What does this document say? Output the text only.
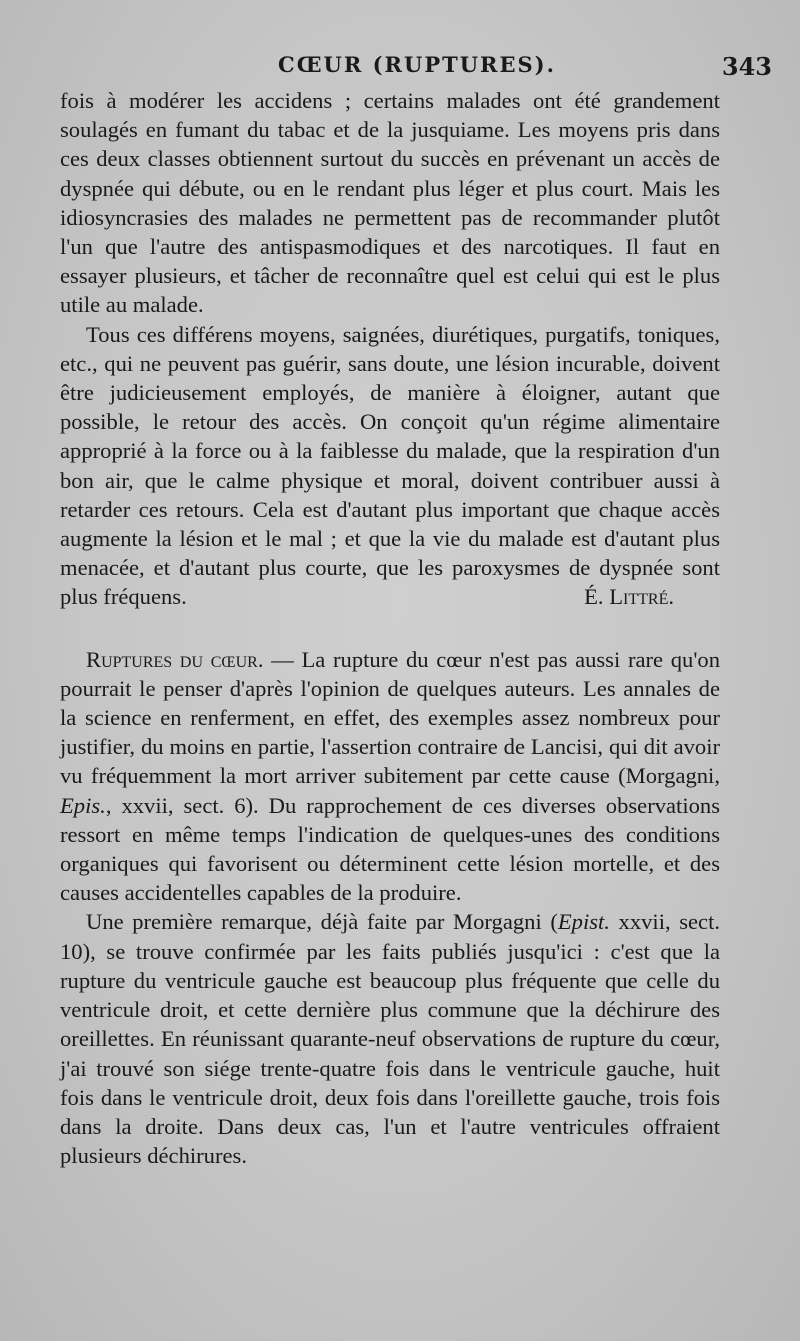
CŒUR (RUPTURES).	343

fois à modérer les accidens ; certains malades ont été grandement soulagés en fumant du tabac et de la jusquiame. Les moyens pris dans ces deux classes obtiennent surtout du succès en prévenant un accès de dyspnée qui débute, ou en le rendant plus léger et plus court. Mais les idiosyncrasies des malades ne permettent pas de recommander plutôt l'un que l'autre des antispasmodiques et des narcotiques. Il faut en essayer plusieurs, et tâcher de reconnaître quel est celui qui est le plus utile au malade.

Tous ces différens moyens, saignées, diurétiques, purgatifs, toniques, etc., qui ne peuvent pas guérir, sans doute, une lésion incurable, doivent être judicieusement employés, de manière à éloigner, autant que possible, le retour des accès. On conçoit qu'un régime alimentaire approprié à la force ou à la faiblesse du malade, que la respiration d'un bon air, que le calme physique et moral, doivent contribuer aussi à retarder ces retours. Cela est d'autant plus important que chaque accès augmente la lésion et le mal ; et que la vie du malade est d'autant plus menacée, et d'autant plus courte, que les paroxysmes de dyspnée sont plus fréquens.	É. Littré.

Ruptures du cœur. — La rupture du cœur n'est pas aussi rare qu'on pourrait le penser d'après l'opinion de quelques auteurs. Les annales de la science en renferment, en effet, des exemples assez nombreux pour justifier, du moins en partie, l'assertion contraire de Lancisi, qui dit avoir vu fréquemment la mort arriver subitement par cette cause (Morgagni, Epis., xxvii, sect. 6). Du rapprochement de ces diverses observations ressort en même temps l'indication de quelques-unes des conditions organiques qui favorisent ou déterminent cette lésion mortelle, et des causes accidentelles capables de la produire.

Une première remarque, déjà faite par Morgagni (Epist. xxvii, sect. 10), se trouve confirmée par les faits publiés jusqu'ici : c'est que la rupture du ventricule gauche est beaucoup plus fréquente que celle du ventricule droit, et cette dernière plus commune que la déchirure des oreillettes. En réunissant quarante-neuf observations de rupture du cœur, j'ai trouvé son siége trente-quatre fois dans le ventricule gauche, huit fois dans le ventricule droit, deux fois dans l'oreillette gauche, trois fois dans la droite. Dans deux cas, l'un et l'autre ventricules offraient plusieurs déchirures.
